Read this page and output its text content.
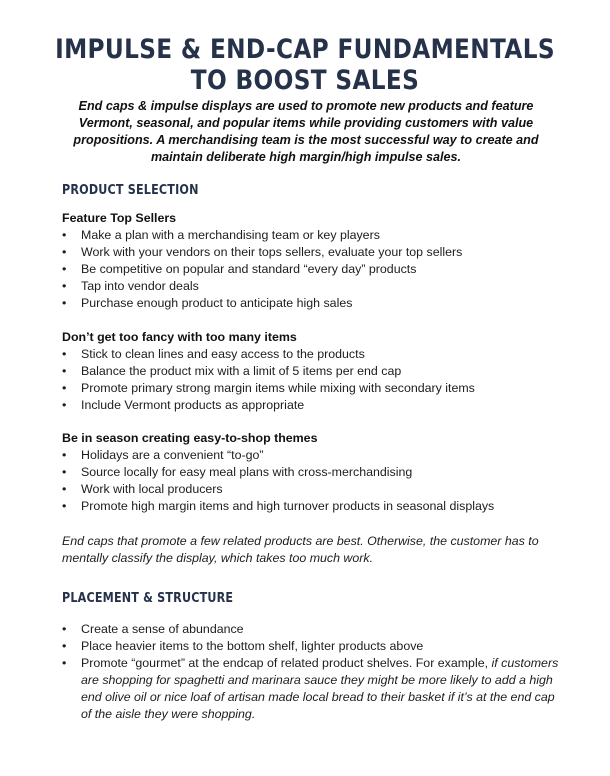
IMPULSE & END-CAP FUNDAMENTALS
TO BOOST SALES
End caps & impulse displays are used to promote new products and feature Vermont, seasonal, and popular items while providing customers with value propositions. A merchandising team is the most successful way to create and maintain deliberate high margin/high impulse sales.
PRODUCT SELECTION
Feature Top Sellers
•	Make a plan with a merchandising team or key players
•	Work with your vendors on their tops sellers, evaluate your top sellers
•	Be competitive on popular and standard “every day” products
•	Tap into vendor deals
•	Purchase enough product to anticipate high sales
Don’t get too fancy with too many items
•	Stick to clean lines and easy access to the products
•	Balance the product mix with a limit of 5 items per end cap
•	Promote primary strong margin items while mixing with secondary items
•	Include Vermont products as appropriate
Be in season creating easy-to-shop themes
•	Holidays are a convenient “to-go”
•	Source locally for easy meal plans with cross-merchandising
•	Work with local producers
•	Promote high margin items and high turnover products in seasonal displays
End caps that promote a few related products are best. Otherwise, the customer has to mentally classify the display, which takes too much work.
PLACEMENT & STRUCTURE
•	Create a sense of abundance
•	Place heavier items to the bottom shelf, lighter products above
•	Promote “gourmet” at the endcap of related product shelves. For example, if customers are shopping for spaghetti and marinara sauce they might be more likely to add a high end olive oil or nice loaf of artisan made local bread to their basket if it’s at the end cap of the aisle they were shopping.
